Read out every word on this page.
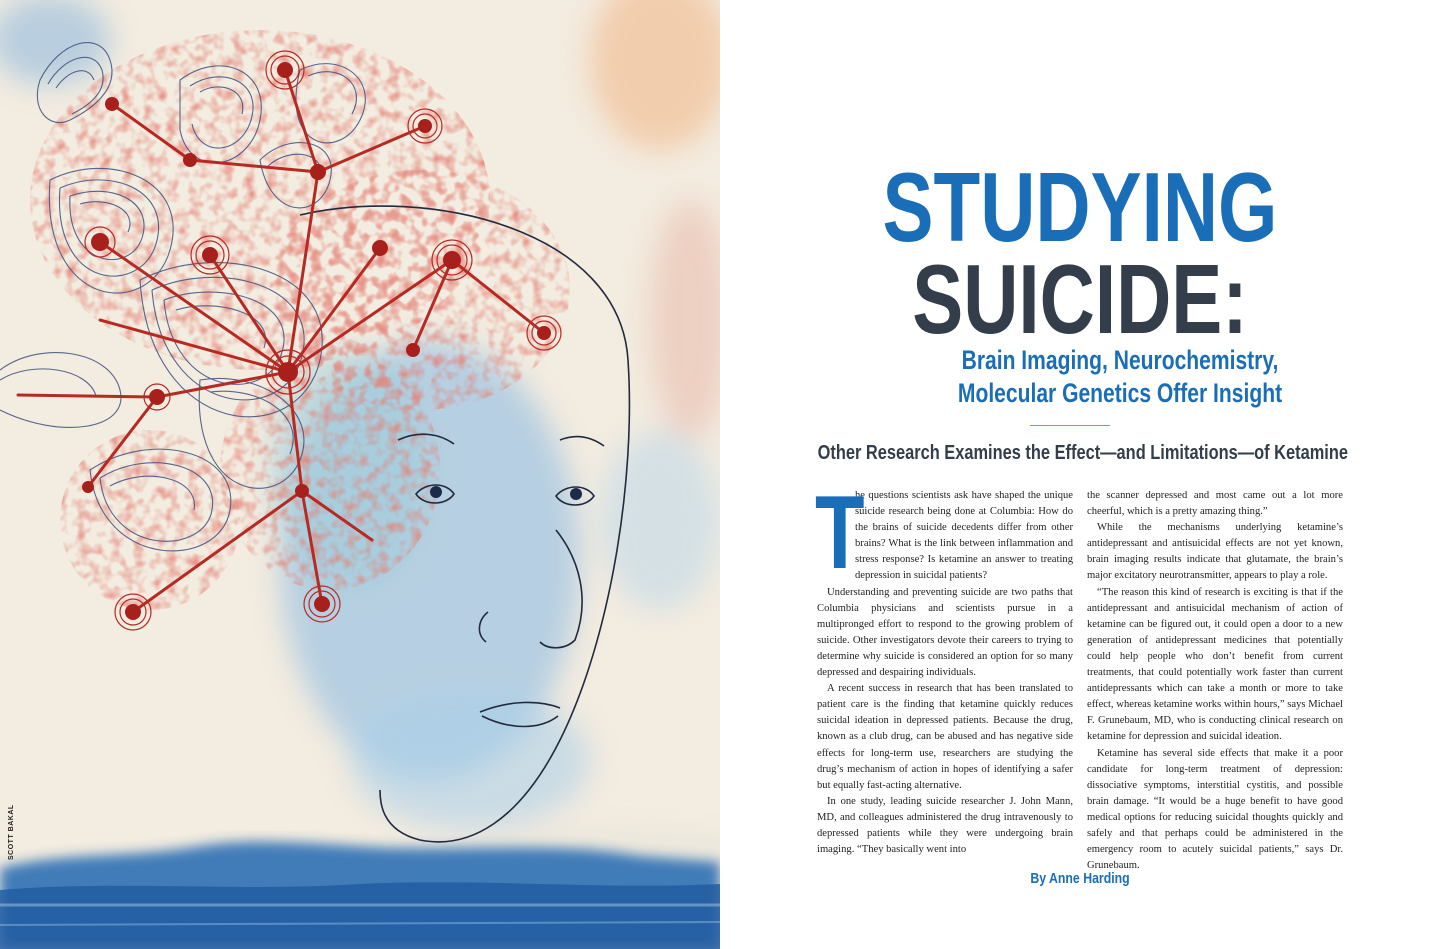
SCOTT BAKAL
STUDYING
SUICIDE:
Brain Imaging, Neurochemistry,
Molecular Genetics Offer Insight
Other Research Examines the Effect—and Limitations—of Ketamine

T
he questions scientists ask have shaped the unique suicide research being done at Columbia: How do the brains of suicide decedents differ from other brains? What is the link between inflammation and stress response? Is ketamine an answer to treating depression in suicidal patients?

Understanding and preventing suicide are two paths that Columbia physicians and scientists pursue in a multipronged effort to respond to the growing problem of suicide. Other investigators devote their careers to trying to determine why suicide is considered an option for so many depressed and despairing individuals.

A recent success in research that has been translated to patient care is the finding that ketamine quickly reduces suicidal ideation in depressed patients. Because the drug, known as a club drug, can be abused and has negative side effects for long-term use, researchers are studying the drug’s mechanism of action in hopes of identifying a safer but equally fast-acting alternative.

In one study, leading suicide researcher J. John Mann, MD, and colleagues administered the drug intravenously to depressed patients while they were undergoing brain imaging. “They basically went into

the scanner depressed and most came out a lot more cheerful, which is a pretty amazing thing.”

While the mechanisms underlying ketamine’s antidepressant and antisuicidal effects are not yet known, brain imaging results indicate that glutamate, the brain’s major excitatory neurotransmitter, appears to play a role.

“The reason this kind of research is exciting is that if the antidepressant and antisuicidal mechanism of action of ketamine can be figured out, it could open a door to a new generation of antidepressant medicines that potentially could help people who don’t benefit from current treatments, that could potentially work faster than current antidepressants which can take a month or more to take effect, whereas ketamine works within hours,” says Michael F. Grunebaum, MD, who is conducting clinical research on ketamine for depression and suicidal ideation.

Ketamine has several side effects that make it a poor candidate for long-term treatment of depression: dissociative symptoms, interstitial cystitis, and possible brain damage. “It would be a huge benefit to have good medical options for reducing suicidal thoughts quickly and safely and that perhaps could be administered in the emergency room to acutely suicidal patients,” says Dr. Grunebaum.

By Anne Harding
